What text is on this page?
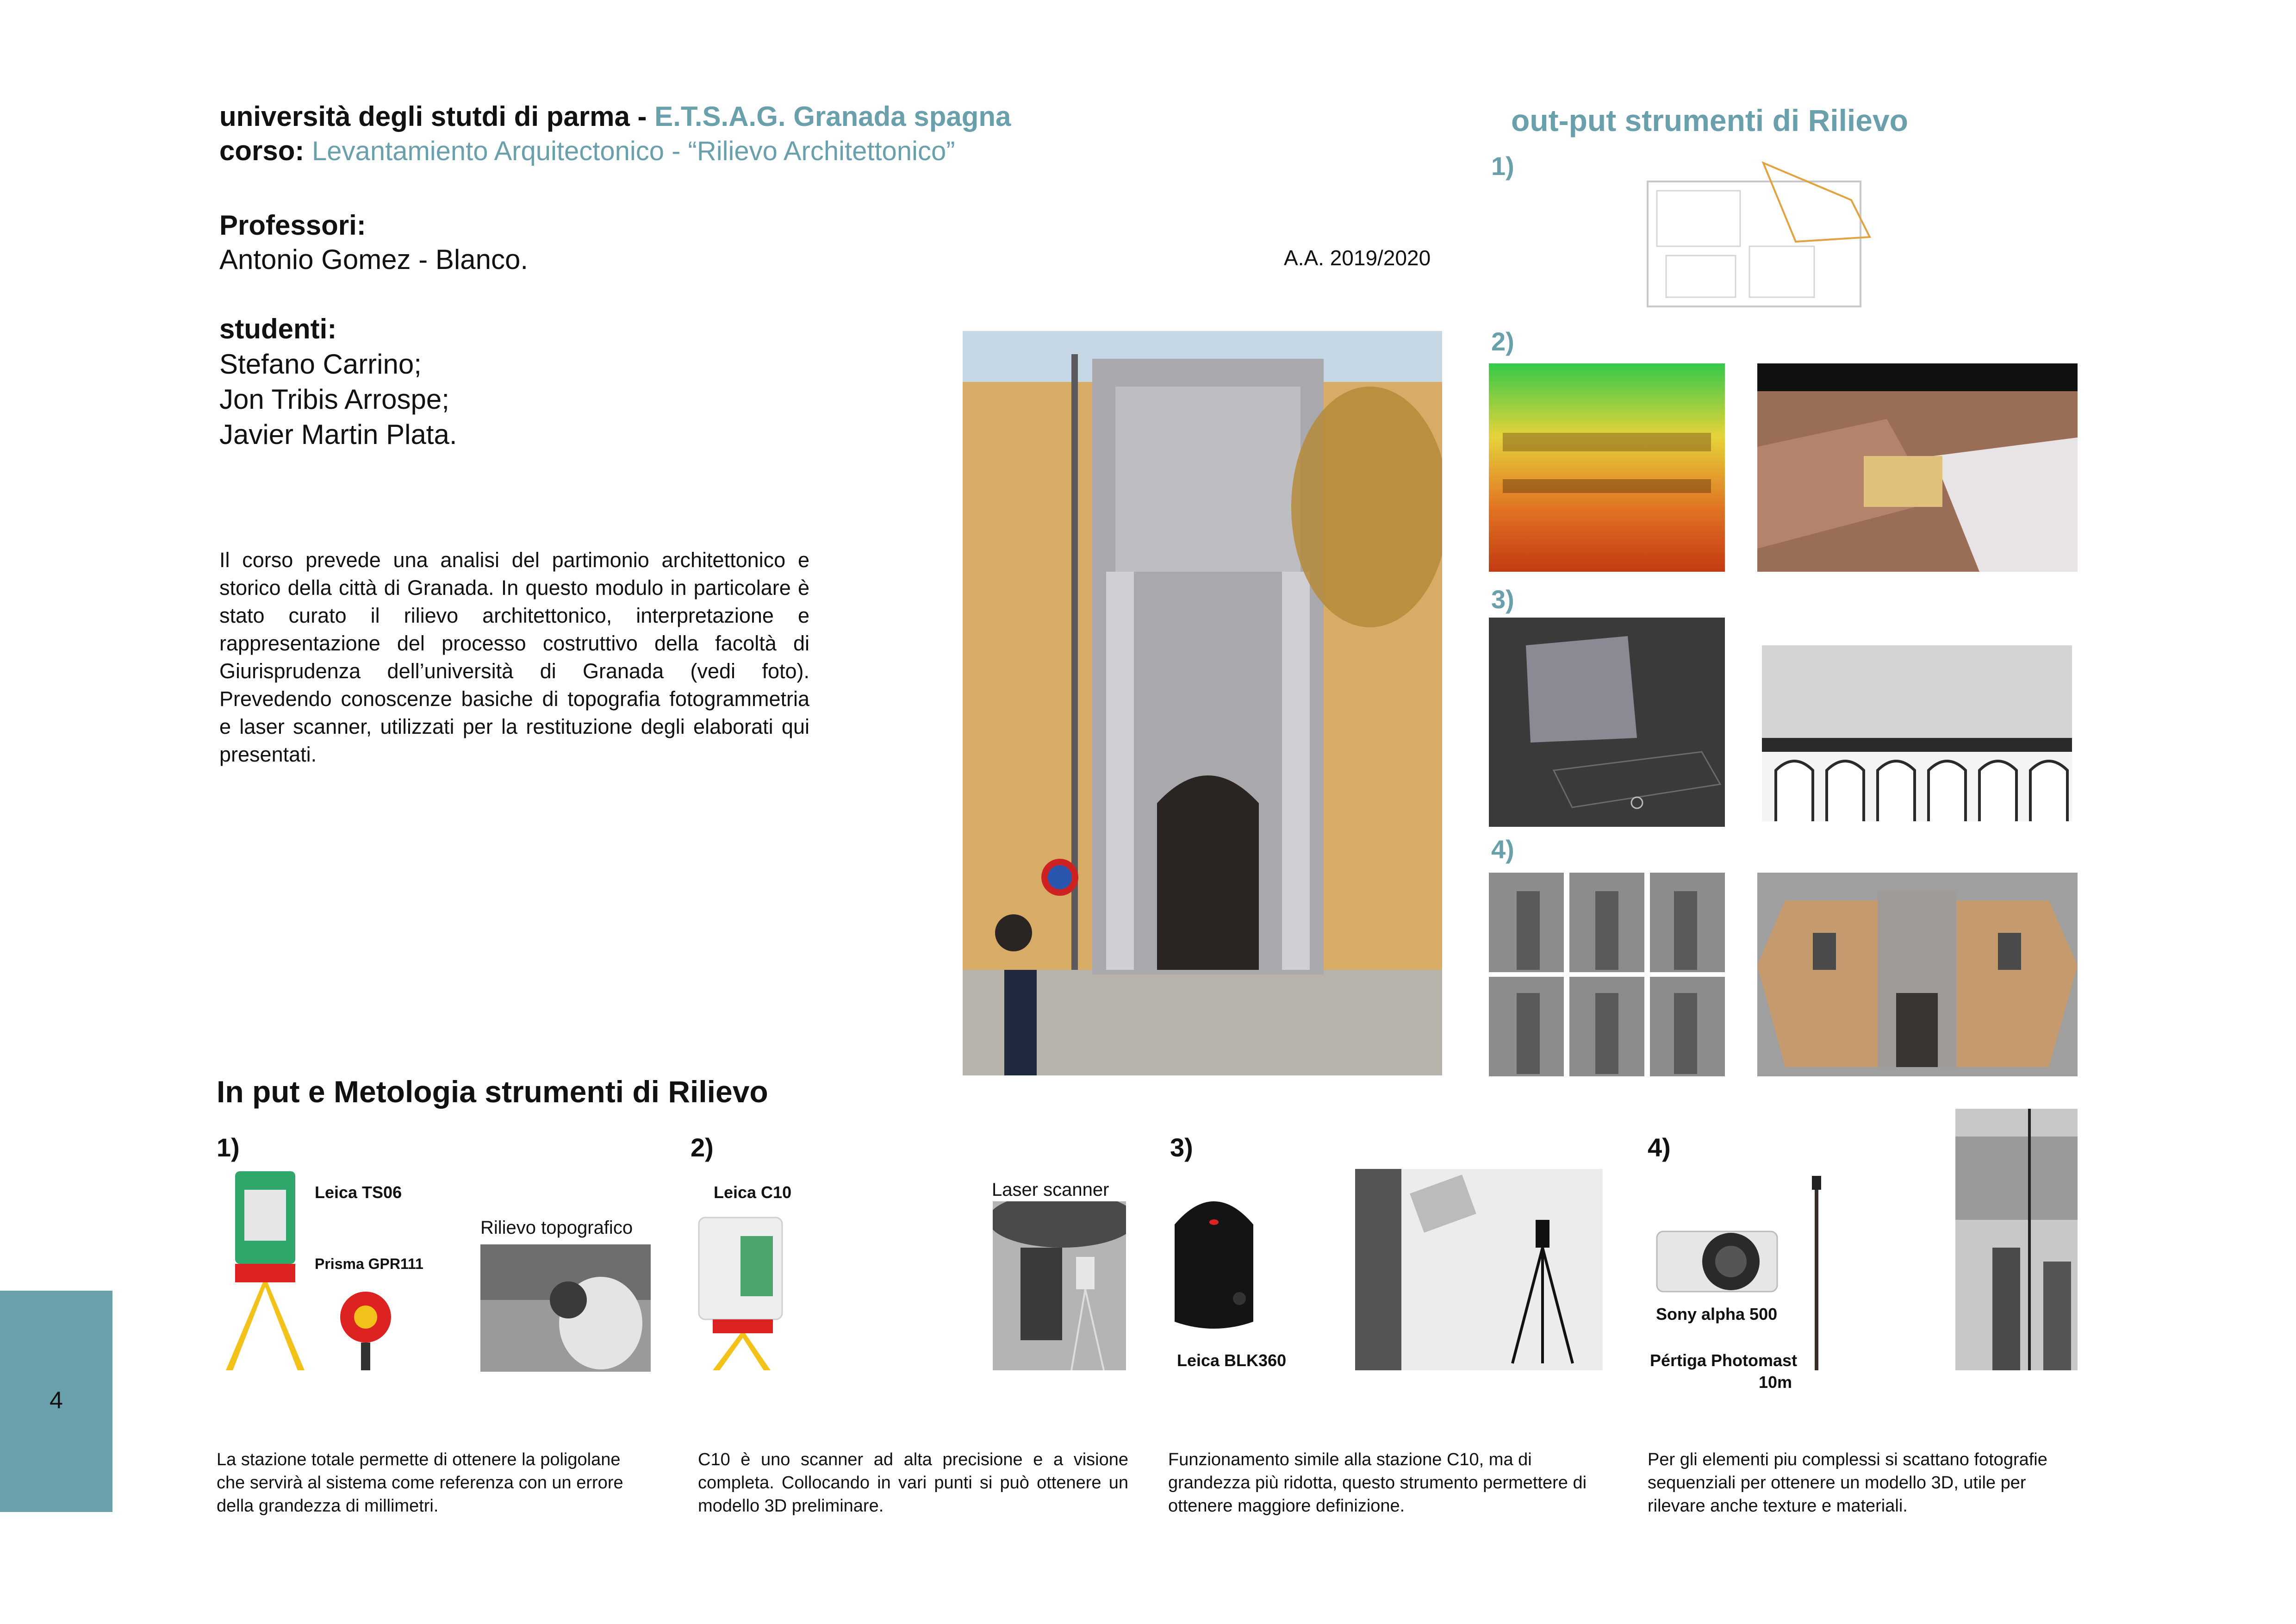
università degli stutdi di parma - E.T.S.A.G. Granada spagna
corso: Levantamiento Arquitectonico - “Rilievo Architettonico”
Professori:
Antonio Gomez - Blanco.	A.A. 2019/2020
studenti:
Stefano Carrino;
Jon Tribis Arrospe;
Javier Martin Plata.
Il corso prevede una analisi del partimonio architettonico e storico della città di Granada. In questo modulo in particolare è stato curato il rilievo architettonico, interpretazione e rappresentazione del processo costruttivo della facoltà di Giurisprudenza dell’università di Granada (vedi foto). Prevedendo conoscenze basiche di topografia fotogrammetria e laser scanner, utilizzati per la restituzione degli elaborati qui presentati.
out-put strumenti di Rilievo
1)
2)
3)
4)
In put e Metologia strumenti di Rilievo
1)
Leica TS06
Prisma GPR111
Rilievo topografico
La stazione totale permette di ottenere la poligolane che servirà al sistema come referenza con un errore della grandezza di millimetri.
2)
Leica C10	Laser scanner
C10 è uno scanner ad alta precisione e a visione completa. Collocando in vari punti si può ottenere un modello 3D preliminare.
3)
Leica BLK360
Funzionamento simile alla stazione C10, ma di grandezza più ridotta, questo strumento permettere di ottenere maggiore definizione.
4)
Sony alpha 500
Pértiga Photomast
10m
Per gli elementi piu complessi si scattano fotografie sequenziali per ottenere un modello 3D, utile per rilevare anche texture e materiali.
4
